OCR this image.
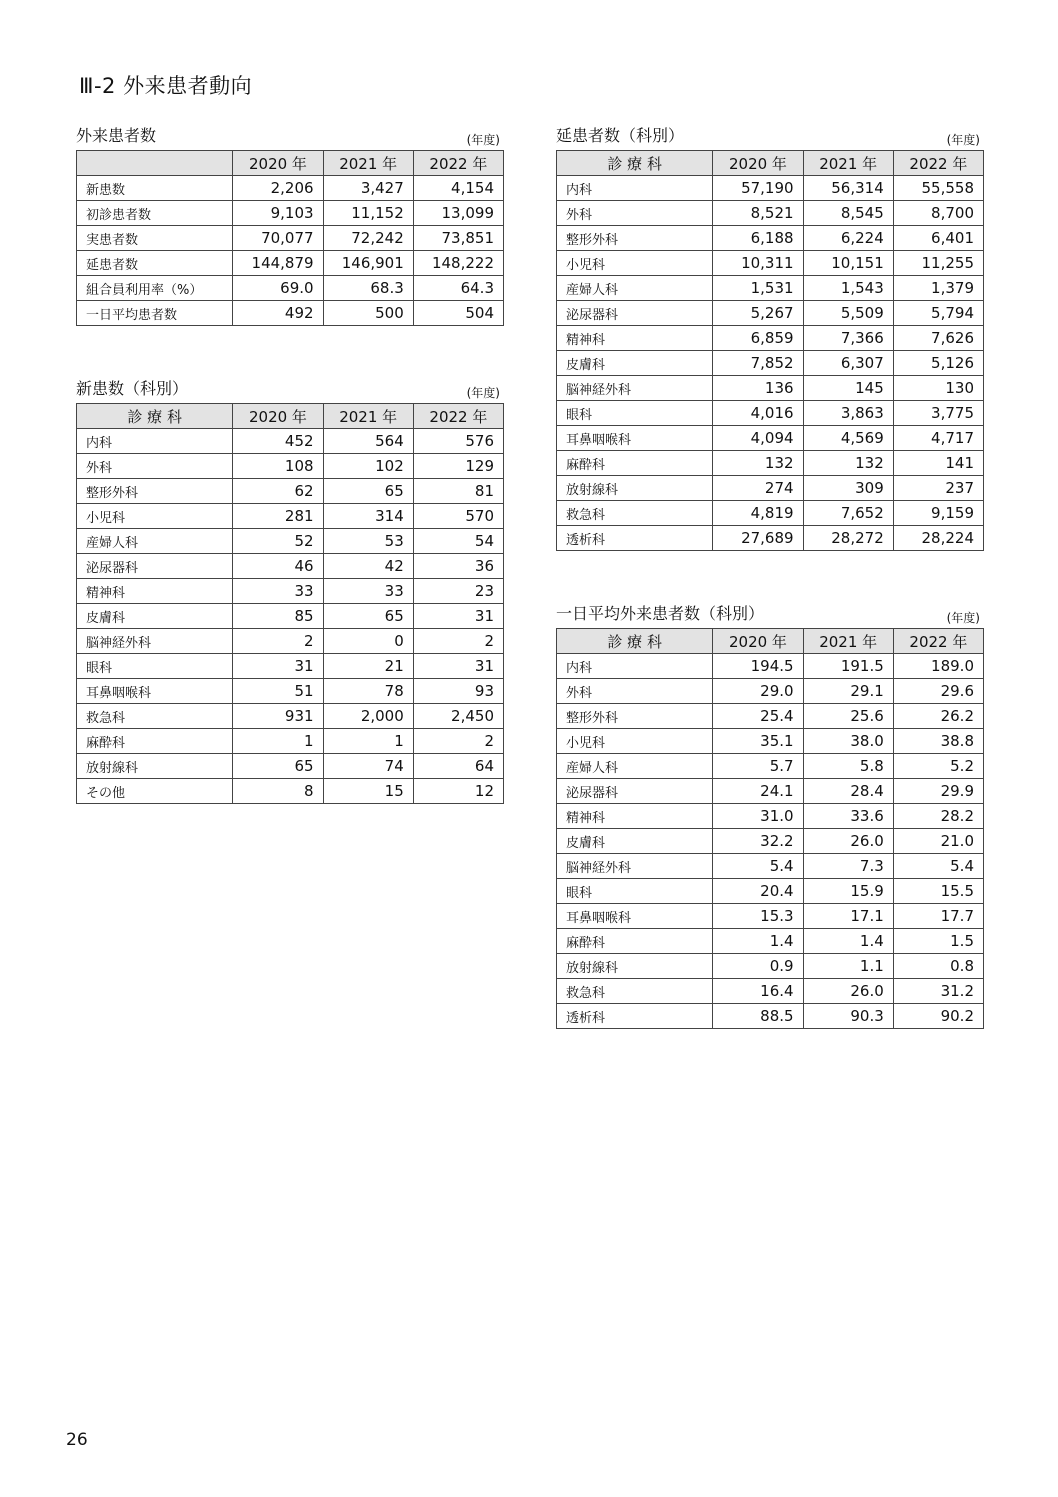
Ⅲ-2 外来患者動向
外来患者数	(年度)
	2020 年	2021 年	2022 年
新患数	2,206	3,427	4,154
初診患者数	9,103	11,152	13,099
実患者数	70,077	72,242	73,851
延患者数	144,879	146,901	148,222
組合員利用率（%）	69.0	68.3	64.3
一日平均患者数	492	500	504
新患数（科別）	(年度)
診 療 科	2020 年	2021 年	2022 年
内科	452	564	576
外科	108	102	129
整形外科	62	65	81
小児科	281	314	570
産婦人科	52	53	54
泌尿器科	46	42	36
精神科	33	33	23
皮膚科	85	65	31
脳神経外科	2	0	2
眼科	31	21	31
耳鼻咽喉科	51	78	93
救急科	931	2,000	2,450
麻酔科	1	1	2
放射線科	65	74	64
その他	8	15	12
延患者数（科別）	(年度)
診 療 科	2020 年	2021 年	2022 年
内科	57,190	56,314	55,558
外科	8,521	8,545	8,700
整形外科	6,188	6,224	6,401
小児科	10,311	10,151	11,255
産婦人科	1,531	1,543	1,379
泌尿器科	5,267	5,509	5,794
精神科	6,859	7,366	7,626
皮膚科	7,852	6,307	5,126
脳神経外科	136	145	130
眼科	4,016	3,863	3,775
耳鼻咽喉科	4,094	4,569	4,717
麻酔科	132	132	141
放射線科	274	309	237
救急科	4,819	7,652	9,159
透析科	27,689	28,272	28,224
一日平均外来患者数（科別）	(年度)
診 療 科	2020 年	2021 年	2022 年
内科	194.5	191.5	189.0
外科	29.0	29.1	29.6
整形外科	25.4	25.6	26.2
小児科	35.1	38.0	38.8
産婦人科	5.7	5.8	5.2
泌尿器科	24.1	28.4	29.9
精神科	31.0	33.6	28.2
皮膚科	32.2	26.0	21.0
脳神経外科	5.4	7.3	5.4
眼科	20.4	15.9	15.5
耳鼻咽喉科	15.3	17.1	17.7
麻酔科	1.4	1.4	1.5
放射線科	0.9	1.1	0.8
救急科	16.4	26.0	31.2
透析科	88.5	90.3	90.2
26
